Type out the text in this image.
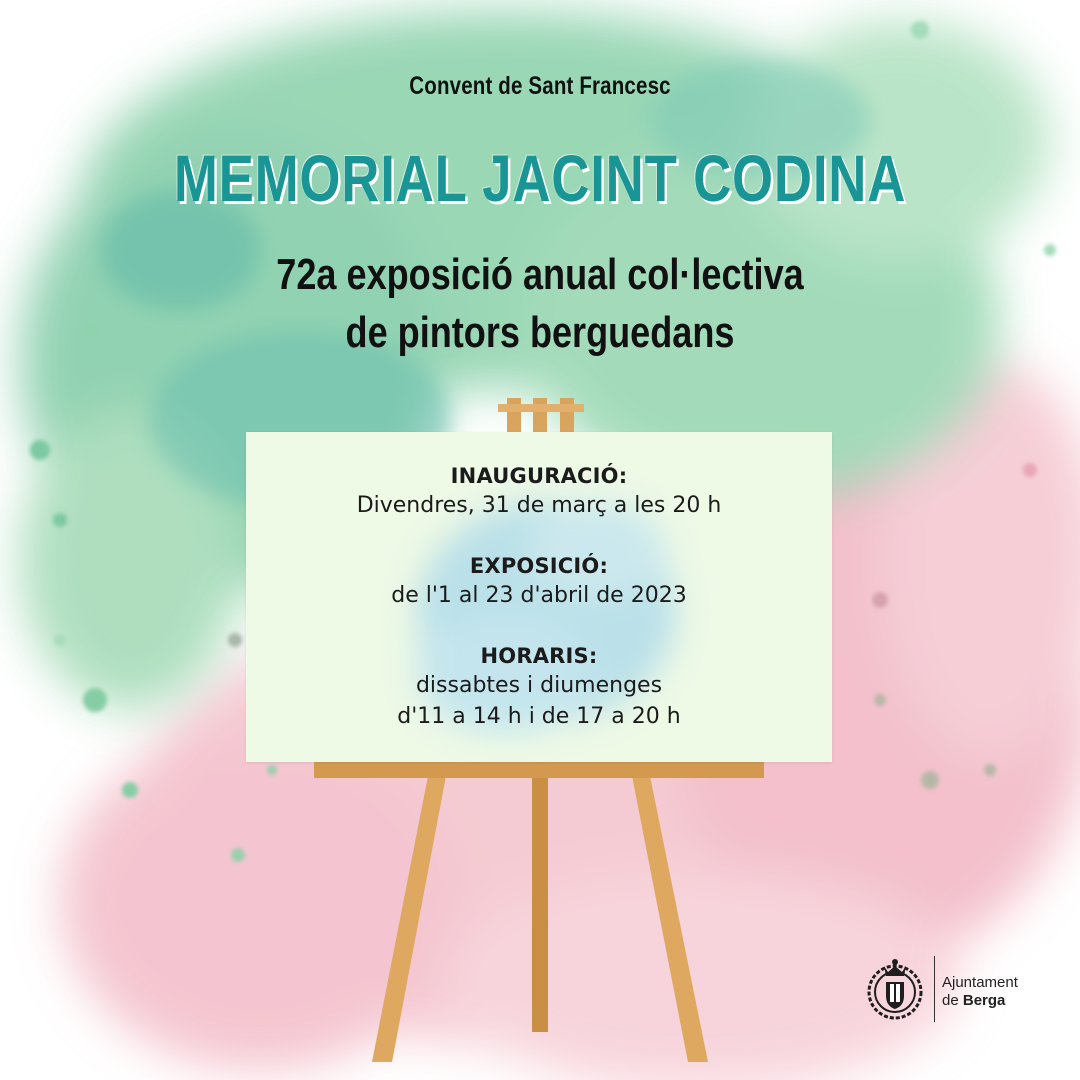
Convent de Sant Francesc
MEMORIAL JACINT CODINA
72a exposició anual col·lectiva
de pintors berguedans
INAUGURACIÓ:
Divendres, 31 de març a les 20 h
EXPOSICIÓ:
de l'1 al 23 d'abril de 2023
HORARIS:
dissabtes i diumenges
d'11 a 14 h i de 17 a 20 h
Ajuntament
de Berga
